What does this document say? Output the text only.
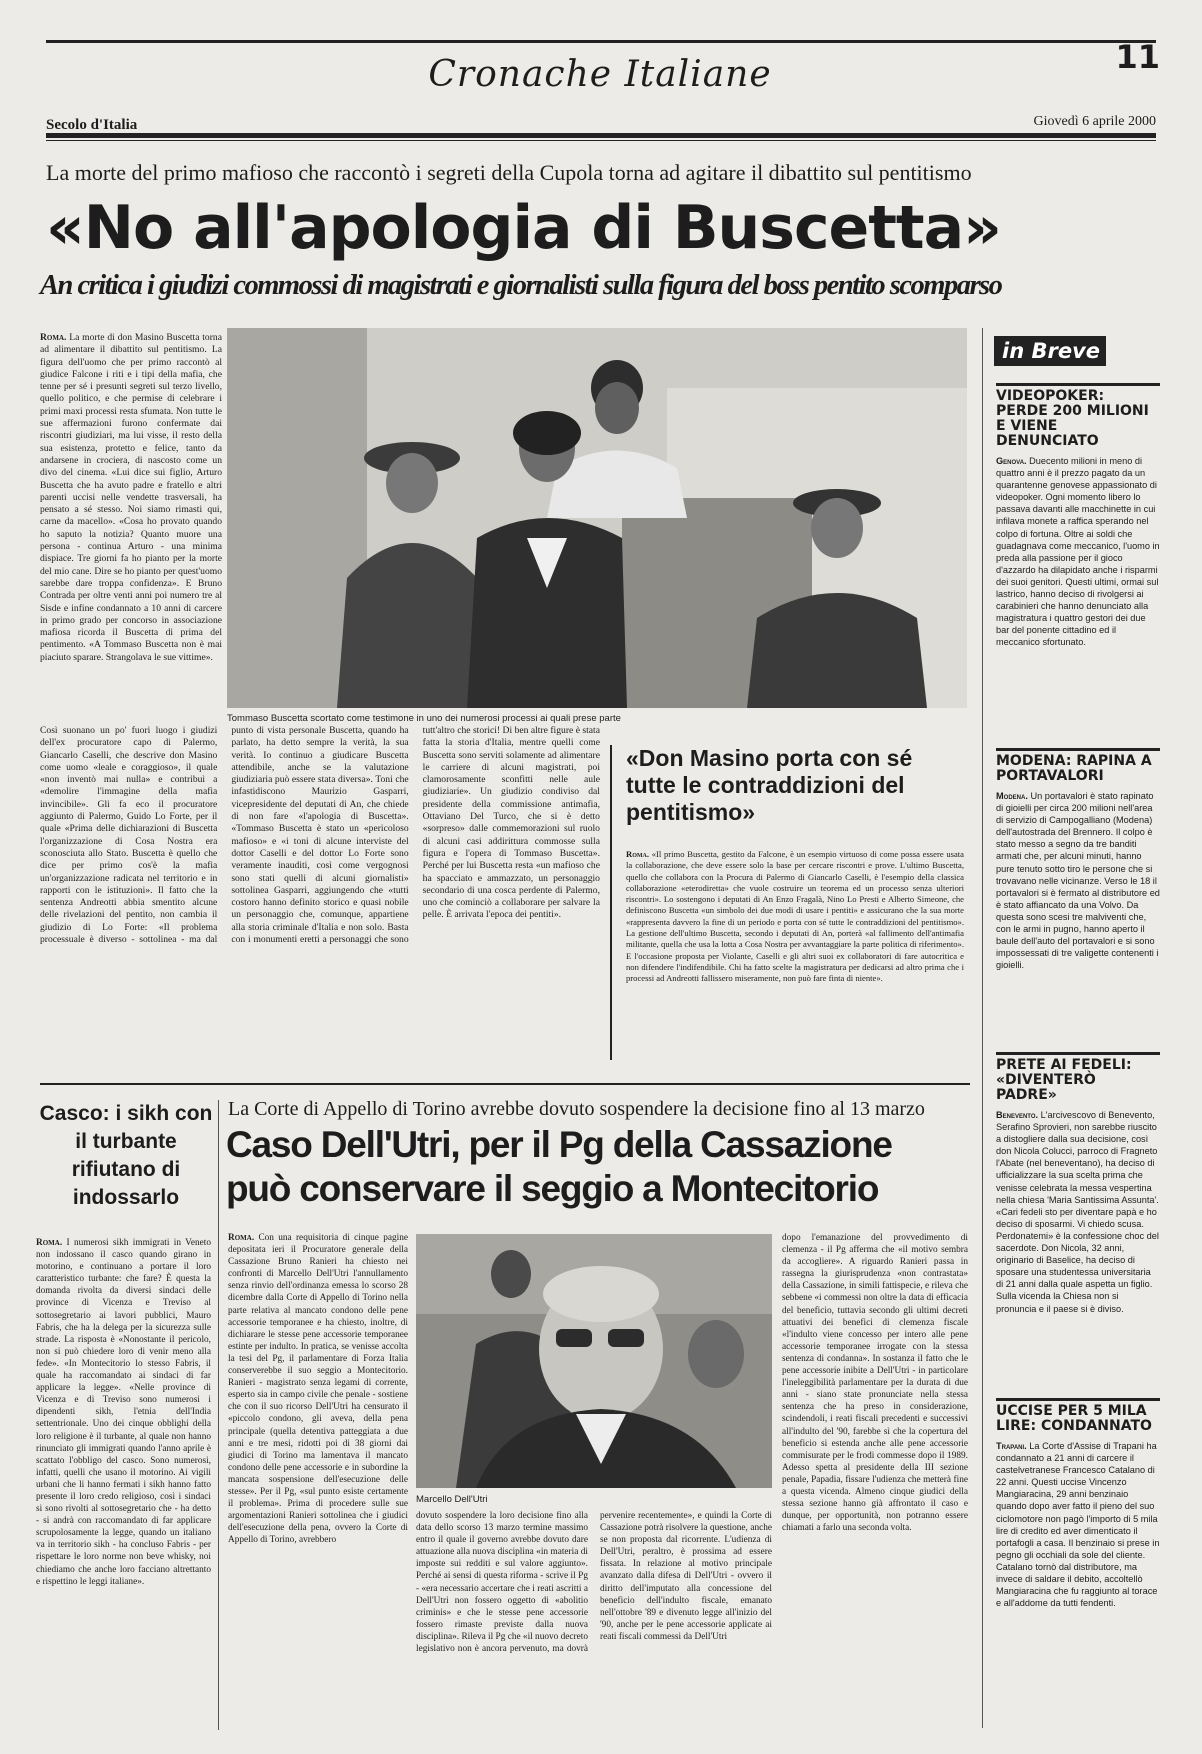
Cronache Italiane	11
Secolo d'Italia	Giovedì 6 aprile 2000
La morte del primo mafioso che raccontò i segreti della Cupola torna ad agitare il dibattito sul pentitismo
«No all'apologia di Buscetta»
An critica i giudizi commossi di magistrati e giornalisti sulla figura del boss pentito scomparso
Roma. La morte di don Masino Buscetta torna ad alimentare il dibattito sul pentitismo. La figura dell'uomo che per primo raccontò al giudice Falcone i riti e i tipi della mafia, che tenne per sé i presunti segreti sul terzo livello, quello politico, e che permise di celebrare i primi maxi processi resta sfumata. Non tutte le sue affermazioni furono confermate dai riscontri giudiziari, ma lui visse, il resto della sua esistenza, protetto e felice, tanto da andarsene in crociera, di nascosto come un divo del cinema. «Lui dice sui figlio, Arturo Buscetta che ha avuto padre e fratello e altri parenti uccisi nelle vendette trasversali, ha pensato a sé stesso. Noi siamo rimasti qui, carne da macello». «Cosa ho provato quando ho saputo la notizia? Quanto muore una persona - continua Arturo - una minima dispiace. Tre giorni fa ho pianto per la morte del mio cane. Dire se ho pianto per quest'uomo sarebbe dare troppa confidenza». E Bruno Contrada per oltre venti anni poi numero tre al Sisde e infine condannato a 10 anni di carcere in primo grado per concorso in associazione mafiosa ricorda il Buscetta di prima del pentimento. «A Tommaso Buscetta non è mai piaciuto sparare. Strangolava le sue vittime».
Tommaso Buscetta scortato come testimone in uno dei numerosi processi ai quali prese parte
Così suonano un po' fuori luogo i giudizi dell'ex procuratore capo di Palermo, Giancarlo Caselli, che descrive don Masino come uomo «leale e coraggioso», il quale «non inventò mai nulla» e contribuì a «demolire l'immagine della mafia invincibile». Gli fa eco il procuratore aggiunto di Palermo, Guido Lo Forte, per il quale «Prima delle dichiarazioni di Buscetta l'organizzazione di Cosa Nostra era sconosciuta allo Stato. Buscetta è quello che dice per primo cos'è la mafia un'organizzazione radicata nel territorio e in rapporti con le istituzioni». Il fatto che la sentenza Andreotti abbia smentito alcune delle rivelazioni del pentito, non cambia il giudizio di Lo Forte: «Il problema processuale è diverso - sottolinea - ma dal punto di vista personale Buscetta, quando ha parlato, ha detto sempre la verità, la sua verità. Io continuo a giudicare Buscetta attendibile, anche se la valutazione giudiziaria può essere stata diversa». Toni che infastidiscono Maurizio Gasparri, vicepresidente del deputati di An, che chiede di non fare «l'apologia di Buscetta». «Tommaso Buscetta è stato un «pericoloso mafioso» e «i toni di alcune interviste del dottor Caselli e del dottor Lo Forte sono veramente inauditi, così come vergognosi sono stati quelli di alcuni giornalisti» sottolinea Gasparri, aggiungendo che «tutti costoro hanno definito storico e quasi nobile un personaggio che, comunque, appartiene alla storia criminale d'Italia e non solo. Basta con i monumenti eretti a personaggi che sono tutt'altro che storici! Di ben altre figure è stata fatta la storia d'Italia, mentre quelli come Buscetta sono serviti solamente ad alimentare le carriere di alcuni magistrati, poi clamorosamente sconfitti nelle aule giudiziarie». Un giudizio condiviso dal presidente della commissione antimafia, Ottaviano Del Turco, che si è detto «sorpreso» dalle commemorazioni sul ruolo di alcuni casi addirittura commosse sulla figura e l'opera di Tommaso Buscetta». Perché per lui Buscetta resta «un mafioso che ha spacciato e ammazzato, un personaggio secondario di una cosca perdente di Palermo, uno che cominciò a collaborare per salvare la pelle. È arrivata l'epoca dei pentiti».
«Don Masino porta con sé tutte le contraddizioni del pentitismo»
Roma. «Il primo Buscetta, gestito da Falcone, è un esempio virtuoso di come possa essere usata la collaborazione, che deve essere solo la base per cercare riscontri e prove. L'ultimo Buscetta, quello che collabora con la Procura di Palermo di Giancarlo Caselli, è l'esempio della classica collaborazione «eterodiretta» che vuole costruire un teorema ed un processo senza ulteriori riscontri». Lo sostengono i deputati di An Enzo Fragalà, Nino Lo Presti e Alberto Simeone, che definiscono Buscetta «un simbolo dei due modi di usare i pentiti» e assicurano che la sua morte «rappresenta davvero la fine di un periodo e porta con sé tutte le contraddizioni del pentitismo». La gestione dell'ultimo Buscetta, secondo i deputati di An, porterà «al fallimento dell'antimafia militante, quella che usa la lotta a Cosa Nostra per avvantaggiare la parte politica di riferimento». E l'occasione proposta per Violante, Caselli e gli altri suoi ex collaboratori di fare autocritica e non difendere l'indifendibile. Chi ha fatto scelte la magistratura per dedicarsi ad altro prima che i processi ad Andreotti fallissero miseramente, non può fare finta di niente».
in Breve
VIDEOPOKER: PERDE 200 MILIONI E VIENE DENUNCIATO
Genova. Duecento milioni in meno di quattro anni è il prezzo pagato da un quarantenne genovese appassionato di videopoker. Ogni momento libero lo passava davanti alle macchinette in cui infilava monete a raffica sperando nel colpo di fortuna. Oltre ai soldi che guadagnava come meccanico, l'uomo in preda alla passione per il gioco d'azzardo ha dilapidato anche i risparmi dei suoi genitori. Questi ultimi, ormai sul lastrico, hanno deciso di rivolgersi ai carabinieri che hanno denunciato alla magistratura i quattro gestori dei due bar del ponente cittadino ed il meccanico sfortunato.
MODENA: RAPINA A PORTAVALORI
Modena. Un portavalori è stato rapinato di gioielli per circa 200 milioni nell'area di servizio di Campogalliano (Modena) dell'autostrada del Brennero. Il colpo è stato messo a segno da tre banditi armati che, per alcuni minuti, hanno pure tenuto sotto tiro le persone che si trovavano nelle vicinanze. Verso le 18 il portavalori si è fermato al distributore ed è stato affiancato da una Volvo. Da questa sono scesi tre malviventi che, con le armi in pugno, hanno aperto il baule dell'auto del portavalori e si sono impossessati di tre valigette contenenti i gioielli.
PRETE AI FEDELI: «DIVENTERÒ PADRE»
Benevento. L'arcivescovo di Benevento, Serafino Sprovieri, non sarebbe riuscito a distogliere dalla sua decisione, così don Nicola Colucci, parroco di Fragneto l'Abate (nel beneventano), ha deciso di ufficializzare la sua scelta prima che venisse celebrata la messa vespertina nella chiesa 'Maria Santissima Assunta'. «Cari fedeli sto per diventare papà e ho deciso di sposarmi. Vi chiedo scusa. Perdonatemi» è la confessione choc del sacerdote. Don Nicola, 32 anni, originario di Baselice, ha deciso di sposare una studentessa universitaria di 21 anni dalla quale aspetta un figlio. Sulla vicenda la Chiesa non si pronuncia e il paese si è diviso.
UCCISE PER 5 MILA LIRE: CONDANNATO
Trapani. La Corte d'Assise di Trapani ha condannato a 21 anni di carcere il castelvetranese Francesco Catalano di 22 anni. Questi uccise Vincenzo Mangiaracina, 29 anni benzinaio quando dopo aver fatto il pieno del suo ciclomotore non pagò l'importo di 5 mila lire di credito ed aver dimenticato il portafogli a casa. Il benzinaio si prese in pegno gli occhiali da sole del cliente. Catalano tornò dal distributore, ma invece di saldare il debito, accoltellò Mangiaracina che fu raggiunto al torace e all'addome da tutti fendenti.
Casco: i sikh con il turbante rifiutano di indossarlo
Roma. I numerosi sikh immigrati in Veneto non indossano il casco quando girano in motorino, e continuano a portare il loro caratteristico turbante: che fare? È questa la domanda rivolta da diversi sindaci delle province di Vicenza e Treviso al sottosegretario ai lavori pubblici, Mauro Fabris, che ha la delega per la sicurezza sulle strade. La risposta è «Nonostante il pericolo, non si può chiedere loro di venir meno alla fede». «In Montecitorio lo stesso Fabris, il quale ha raccomandato ai sindaci di far applicare la legge». «Nelle province di Vicenza e di Treviso sono numerosi i dipendenti sikh, l'etnia dell'India settentrionale. Uno dei cinque obblighi della loro religione è il turbante, al quale non hanno rinunciato gli immigrati quando l'anno aprile è scattato l'obbligo del casco. Sono numerosi, infatti, quelli che usano il motorino. Ai vigili urbani che li hanno fermati i sikh hanno fatto presente il loro credo religioso, così i sindaci si sono rivolti al sottosegretario che - ha detto - si andrà con raccomandato di far applicare scrupolosamente la legge, quando un italiano va in territorio sikh - ha concluso Fabris - per rispettare le loro norme non beve whisky, noi chiediamo che anche loro facciano altrettanto e rispettino le leggi italiane».
La Corte di Appello di Torino avrebbe dovuto sospendere la decisione fino al 13 marzo
Caso Dell'Utri, per il Pg della Cassazione
può conservare il seggio a Montecitorio
Roma. Con una requisitoria di cinque pagine depositata ieri il Procuratore generale della Cassazione Bruno Ranieri ha chiesto nei confronti di Marcello Dell'Utri l'annullamento senza rinvio dell'ordinanza emessa lo scorso 28 dicembre dalla Corte di Appello di Torino nella parte relativa al mancato condono delle pene accessorie temporanee e ha chiesto, inoltre, di dichiarare le stesse pene accessorie temporanee estinte per indulto. In pratica, se venisse accolta la tesi del Pg, il parlamentare di Forza Italia conserverebbe il suo seggio a Montecitorio. Ranieri - magistrato senza legami di corrente, esperto sia in campo civile che penale - sostiene che con il suo ricorso Dell'Utri ha censurato il «piccolo condono, gli aveva, della pena principale (quella detentiva patteggiata a due anni e tre mesi, ridotti poi di 38 giorni dai giudici di Torino ma lamentava il mancato condono delle pene accessorie e in subordine la mancata sospensione dell'esecuzione delle stesse». Per il Pg, «sul punto esiste certamente il problema». Prima di procedere sulle sue argomentazioni Ranieri sottolinea che i giudici dell'esecuzione della pena, ovvero la Corte di Appello di Torino, avrebbero
Marcello Dell'Utri
dovuto sospendere la loro decisione fino alla data dello scorso 13 marzo termine massimo entro il quale il governo avrebbe dovuto dare attuazione alla nuova disciplina «in materia di imposte sui redditi e sul valore aggiunto». Perché ai sensi di questa riforma - scrive il Pg - «era necessario accertare che i reati ascritti a Dell'Utri non fossero oggetto di «abolitio criminis» e che le stesse pene accessorie fossero rimaste previste dalla nuova disciplina». Rileva il Pg che «il nuovo decreto legislativo non è ancora pervenuto, ma dovrà pervenire recentemente», e quindi la Corte di Cassazione potrà risolvere la questione, anche se non proposta dal ricorrente. L'udienza di Dell'Utri, peraltro, è prossima ad essere fissata. In relazione al motivo principale avanzato dalla difesa di Dell'Utri - ovvero il diritto dell'imputato alla concessione del beneficio dell'indulto fiscale, emanato nell'ottobre '89 e divenuto legge all'inizio del '90, anche per le pene accessorie applicate ai reati fiscali commessi da Dell'Utri
dopo l'emanazione del provvedimento di clemenza - il Pg afferma che «il motivo sembra da accogliere». A riguardo Ranieri passa in rassegna la giurisprudenza «non contrastata» della Cassazione, in simili fattispecie, e rileva che sebbene «i commessi non oltre la data di efficacia del beneficio, tuttavia secondo gli ultimi decreti attuativi dei benefici di clemenza fiscale «l'indulto viene concesso per intero alle pene accessorie temporanee irrogate con la stessa sentenza di condanna». In sostanza il fatto che le pene accessorie inibite a Dell'Utri - in particolare l'ineleggibilità parlamentare per la durata di due anni - siano state pronunciate nella stessa sentenza che ha preso in considerazione, scindendoli, i reati fiscali precedenti e successivi all'indulto del '90, farebbe sì che la copertura del beneficio si estenda anche alle pene accessorie commisurate per le frodi commesse dopo il 1989. Adesso spetta al presidente della III sezione penale, Papadia, fissare l'udienza che metterà fine a questa vicenda. Almeno cinque giudici della stessa sezione hanno già affrontato il caso e dunque, per opportunità, non potranno essere chiamati a farlo una seconda volta.
